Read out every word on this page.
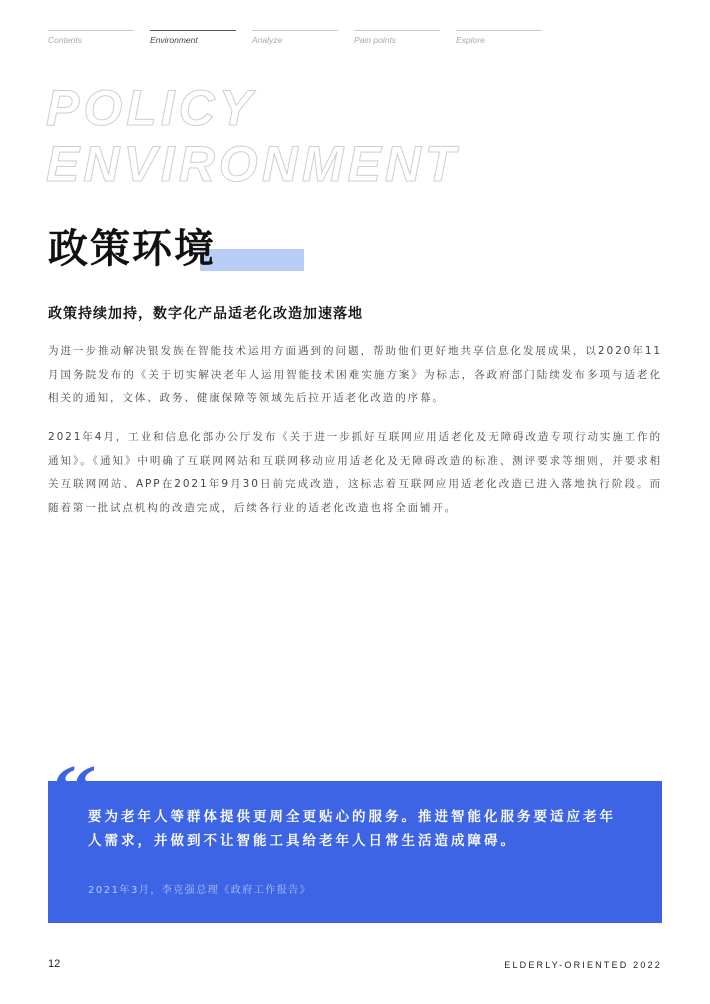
Contents	Environment	Analyze	Pain points	Explore
POLICY
ENVIRONMENT
政策环境
政策持续加持，数字化产品适老化改造加速落地

为进一步推动解决银发族在智能技术运用方面遇到的问题，帮助他们更好地共享信息化发展成果，以2020年11月国务院发布的《关于切实解决老年人运用智能技术困难实施方案》为标志，各政府部门陆续发布多项与适老化相关的通知，文体、政务、健康保障等领域先后拉开适老化改造的序幕。

2021年4月，工业和信息化部办公厅发布《关于进一步抓好互联网应用适老化及无障碍改造专项行动实施工作的通知》。《通知》中明确了互联网网站和互联网移动应用适老化及无障碍改造的标准、测评要求等细则，并要求相关互联网网站、APP在2021年9月30日前完成改造，这标志着互联网应用适老化改造已进入落地执行阶段。而随着第一批试点机构的改造完成，后续各行业的适老化改造也将全面铺开。

要为老年人等群体提供更周全更贴心的服务。推进智能化服务要适应老年人需求，并做到不让智能工具给老年人日常生活造成障碍。

2021年3月，李克强总理《政府工作报告》
“
”
12	ELDERLY-ORIENTED 2022
